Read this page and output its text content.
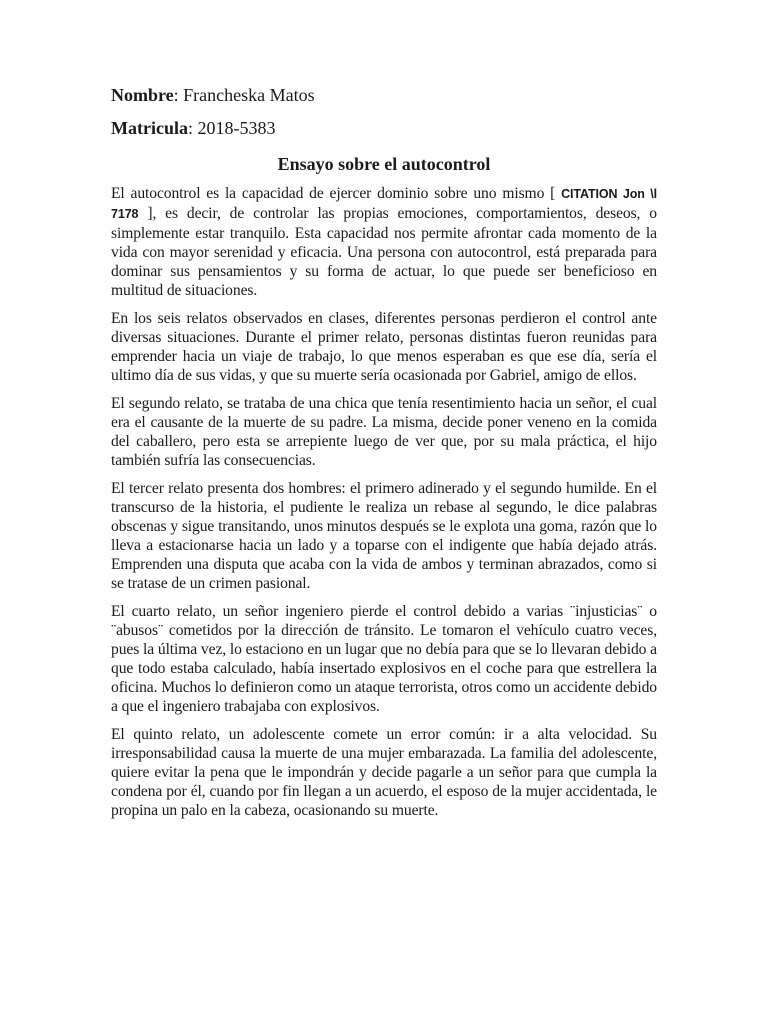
Nombre: Francheska Matos
Matricula: 2018-5383
Ensayo sobre el autocontrol

El autocontrol es la capacidad de ejercer dominio sobre uno mismo [ CITATION Jon \l 7178 ], es decir, de controlar las propias emociones, comportamientos, deseos, o simplemente estar tranquilo. Esta capacidad nos permite afrontar cada momento de la vida con mayor serenidad y eficacia. Una persona con autocontrol, está preparada para dominar sus pensamientos y su forma de actuar, lo que puede ser beneficioso en multitud de situaciones.

En los seis relatos observados en clases, diferentes personas perdieron el control ante diversas situaciones. Durante el primer relato, personas distintas fueron reunidas para emprender hacia un viaje de trabajo, lo que menos esperaban es que ese día, sería el ultimo día de sus vidas, y que su muerte sería ocasionada por Gabriel, amigo de ellos.

El segundo relato, se trataba de una chica que tenía resentimiento hacia un señor, el cual era el causante de la muerte de su padre. La misma, decide poner veneno en la comida del caballero, pero esta se arrepiente luego de ver que, por su mala práctica, el hijo también sufría las consecuencias.

El tercer relato presenta dos hombres: el primero adinerado y el segundo humilde. En el transcurso de la historia, el pudiente le realiza un rebase al segundo, le dice palabras obscenas y sigue transitando, unos minutos después se le explota una goma, razón que lo lleva a estacionarse hacia un lado y a toparse con el indigente que había dejado atrás. Emprenden una disputa que acaba con la vida de ambos y terminan abrazados, como si se tratase de un crimen pasional.

El cuarto relato, un señor ingeniero pierde el control debido a varias ¨injusticias¨ o ¨abusos¨ cometidos por la dirección de tránsito. Le tomaron el vehículo cuatro veces, pues la última vez, lo estaciono en un lugar que no debía para que se lo llevaran debido a que todo estaba calculado, había insertado explosivos en el coche para que estrellera la oficina. Muchos lo definieron como un ataque terrorista, otros como un accidente debido a que el ingeniero trabajaba con explosivos.

El quinto relato, un adolescente comete un error común: ir a alta velocidad. Su irresponsabilidad causa la muerte de una mujer embarazada. La familia del adolescente, quiere evitar la pena que le impondrán y decide pagarle a un señor para que cumpla la condena por él, cuando por fin llegan a un acuerdo, el esposo de la mujer accidentada, le propina un palo en la cabeza, ocasionando su muerte.
